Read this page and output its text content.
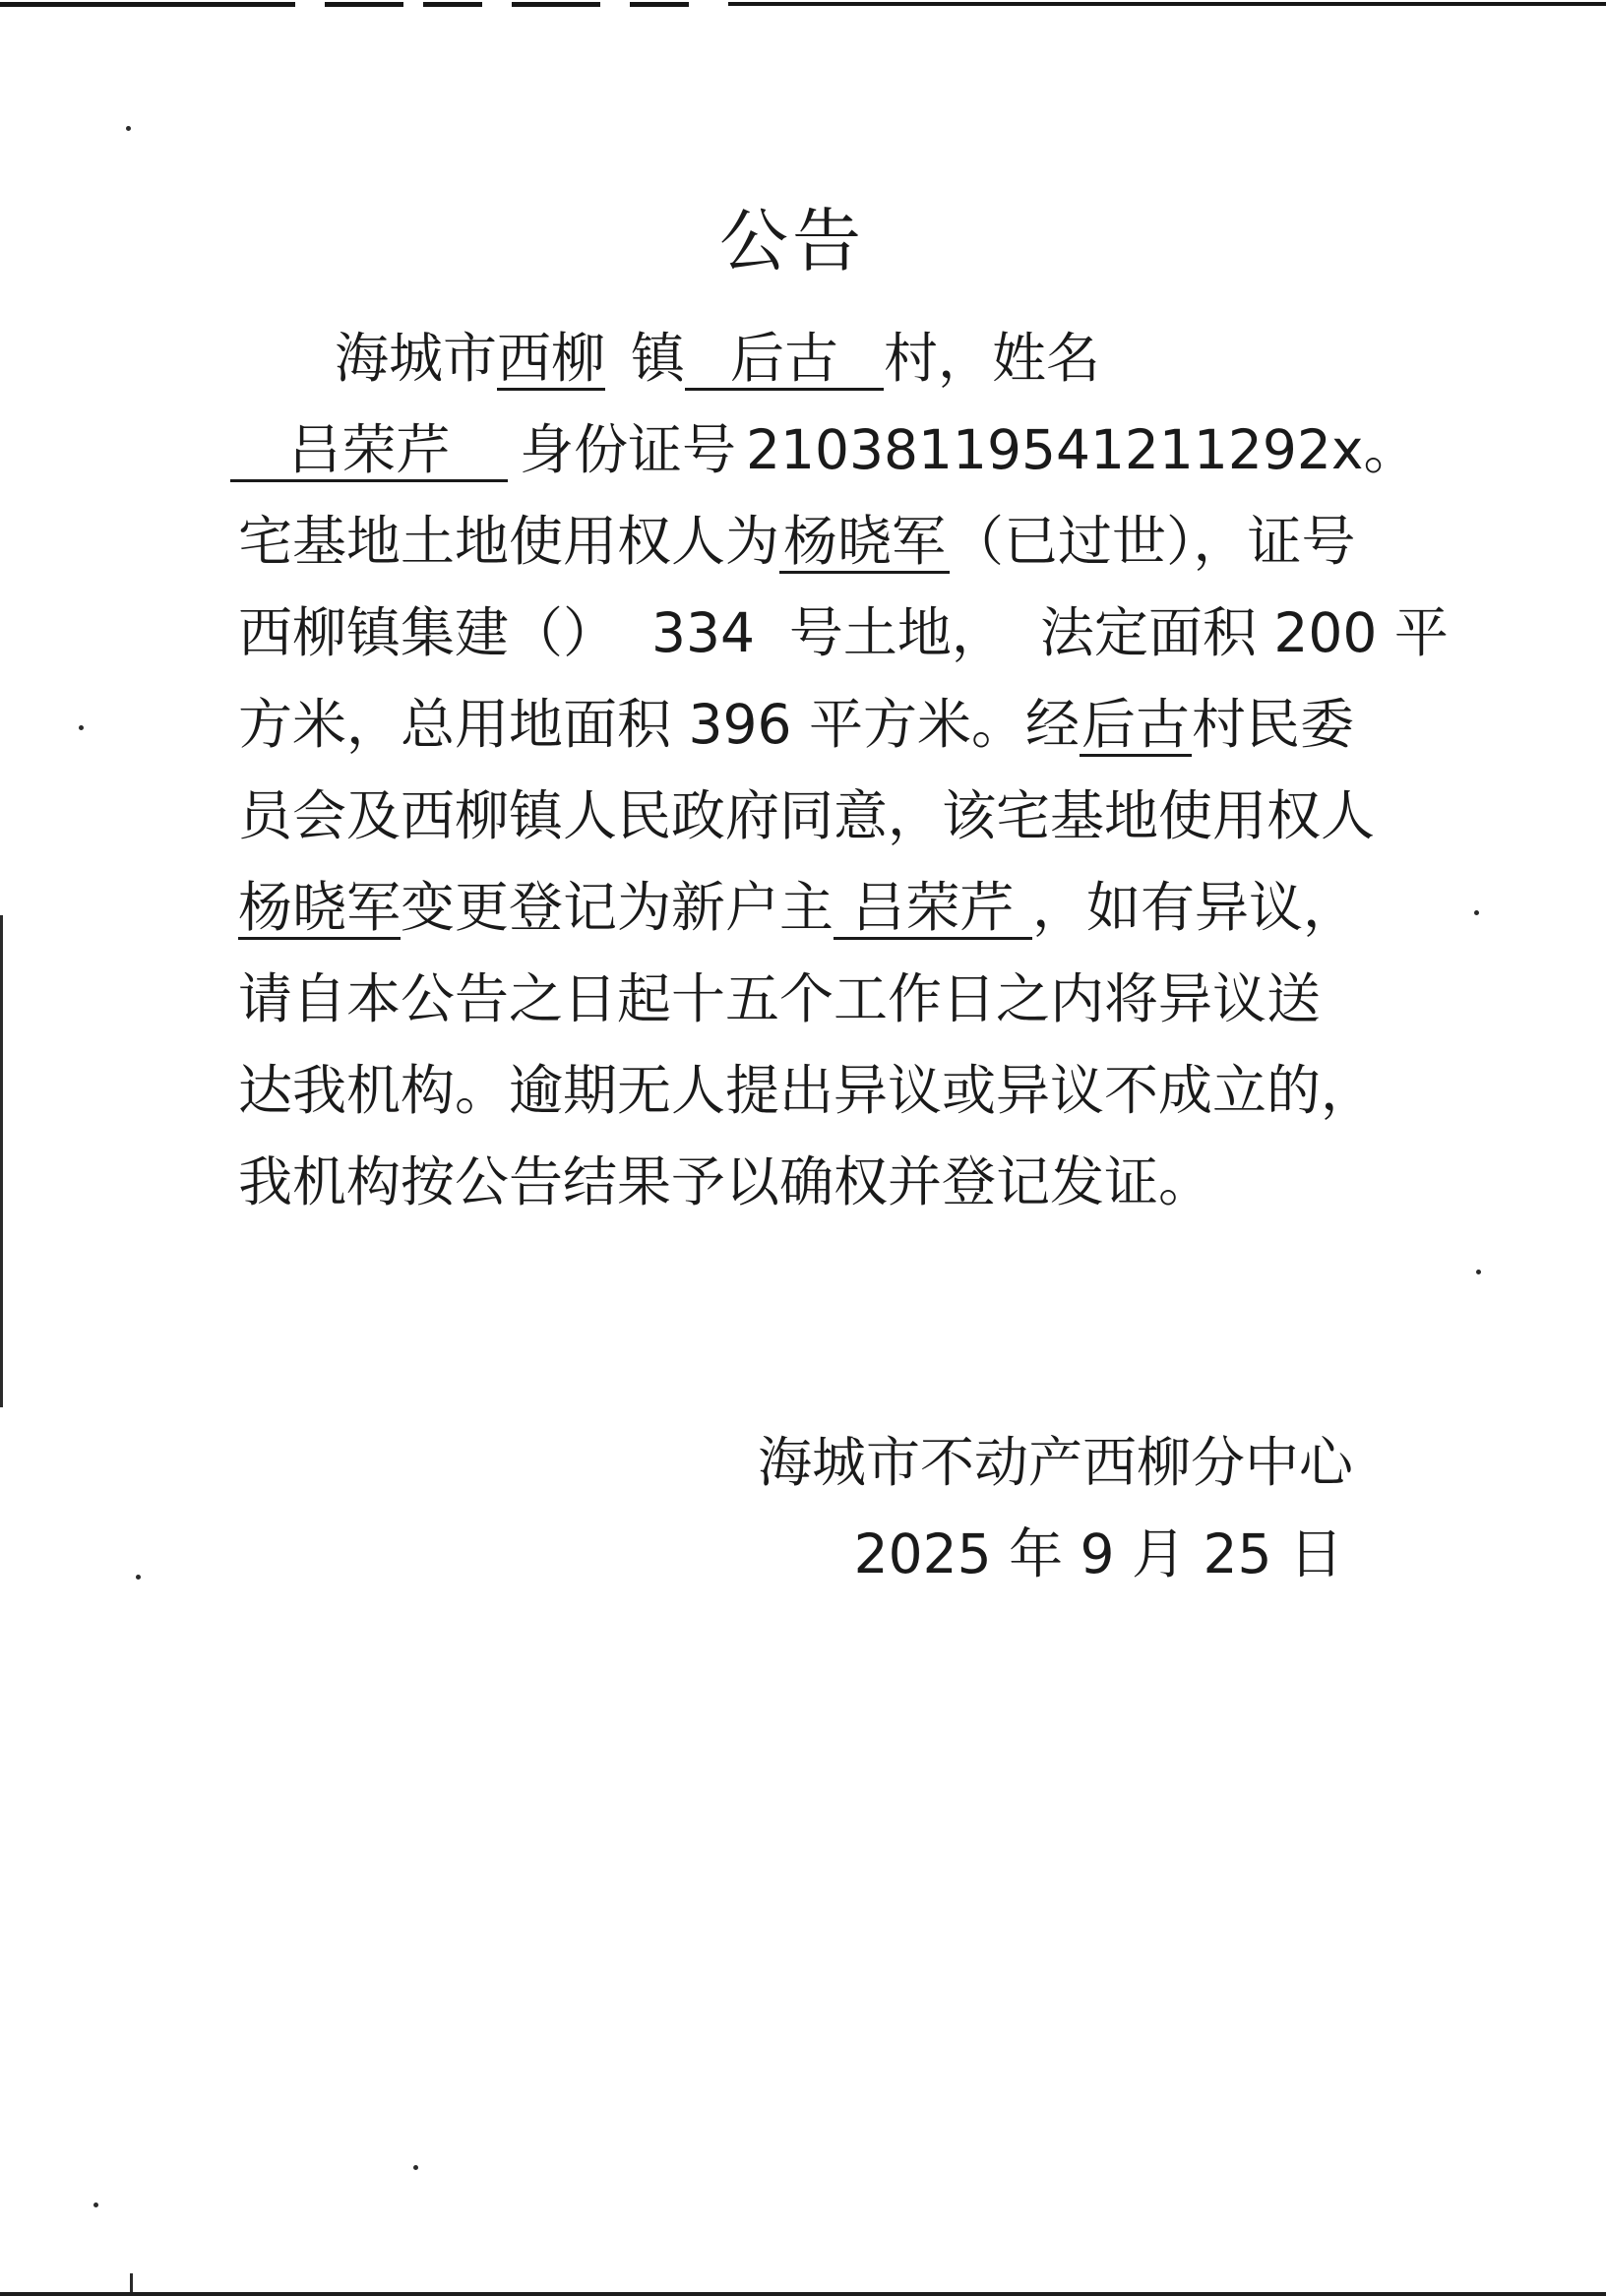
公告
海城市西柳 镇 后古 村，姓名
吕荣芹 身份证号 21038119541211292x。
宅基地土地使用权人为杨晓军（已过世），证号
西柳镇集建（）  334  号土地，  法定面积 200 平
方米，总用地面积 396 平方米。经后古村民委
员会及西柳镇人民政府同意，该宅基地使用权人
杨晓军变更登记为新户主 吕荣芹 ，如有异议，
请自本公告之日起十五个工作日之内将异议送
达我机构。逾期无人提出异议或异议不成立的，
我机构按公告结果予以确权并登记发证。
海城市不动产西柳分中心
2025 年 9 月 25 日
